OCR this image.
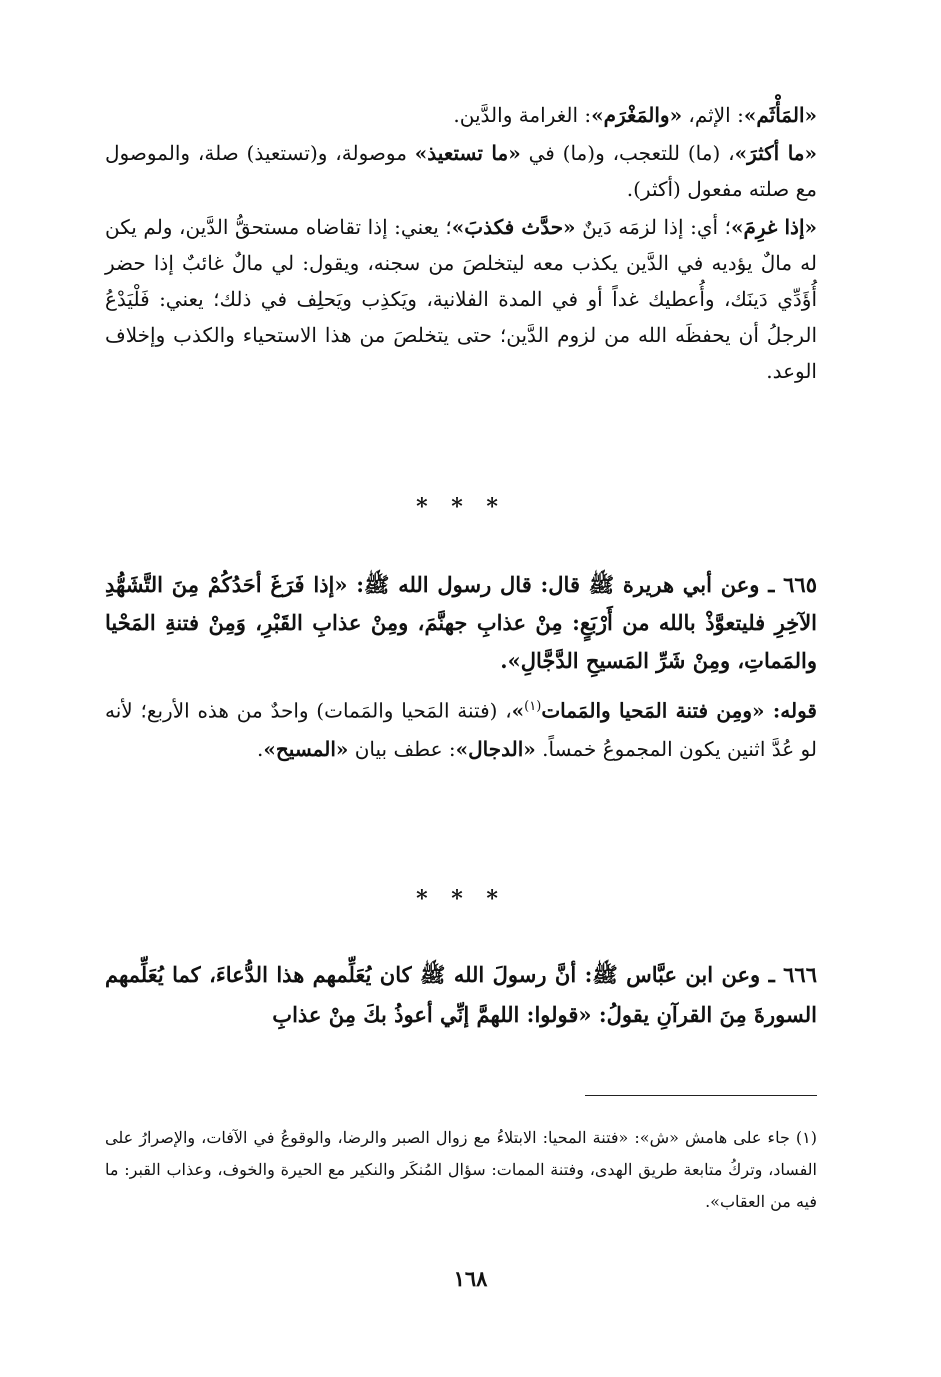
«المَأْثَم»: الإثم، «والمَغْرَم»: الغرامة والدَّين.

«ما أكثرَ»، (ما) للتعجب، و(ما) في «ما تستعيذ» موصولة، و(تستعيذ) صلة، والموصول مع صلته مفعول (أكثر).

«إذا غرِمَ»؛ أي: إذا لزمَه دَينٌ «حدَّث فكذبَ»؛ يعني: إذا تقاضاه مستحقُّ الدَّين، ولم يكن له مالٌ يؤديه في الدَّين يكذب معه ليتخلصَ من سجنه، ويقول: لي مالٌ غائبٌ إذا حضر أُؤَدِّي دَينَك، وأُعطيك غداً أو في المدة الفلانية، ويَكذِب ويَحلِف في ذلك؛ يعني: فَلْيَدْعُ الرجلُ أن يحفظَه الله من لزوم الدَّين؛ حتى يتخلصَ من هذا الاستحياء والكذب وإخلاف الوعد.

* * *

٦٦٥ ـ وعن أبي هريرة ﷺ قال: قال رسول الله ﷺ: «إذا فَرَغَ أحَدُكُمْ مِنَ التَّشَهُّدِ الآخِرِ فليتعوَّذْ بالله من أَرْبَعٍ: مِنْ عذابِ جهنَّمَ، ومِنْ عذابِ القَبْرِ، وَمِنْ فتنةِ المَحْيا والمَماتِ، ومِنْ شَرِّ المَسيحِ الدَّجَّالِ».

قوله: «ومِن فتنة المَحيا والمَمات$^{(١)}$»، (فتنة المَحيا والمَمات) واحدٌ من هذه الأربع؛ لأنه لو عُدَّ اثنين يكون المجموعُ خمساً. «الدجال»: عطف بيان «المسيح».

* * *

٦٦٦ ـ وعن ابن عبَّاس ﷺ: أنَّ رسولَ الله ﷺ كان يُعَلِّمهم هذا الدُّعاءَ، كما يُعَلِّمهم السورةَ مِنَ القرآنِ يقولُ: «قولوا: اللهمَّ إنِّي أعوذُ بكَ مِنْ عذابِ

(١) جاء على هامش «ش»: «فتنة المحيا: الابتلاءُ مع زوال الصبر والرضا، والوقوعُ في الآفات، والإصرارُ على الفساد، وتركُ متابعة طريق الهدى، وفتنة الممات: سؤال المُنكَر والنكير مع الحيرة والخوف، وعذاب القبر: ما فيه من العقاب».
١٦٨
